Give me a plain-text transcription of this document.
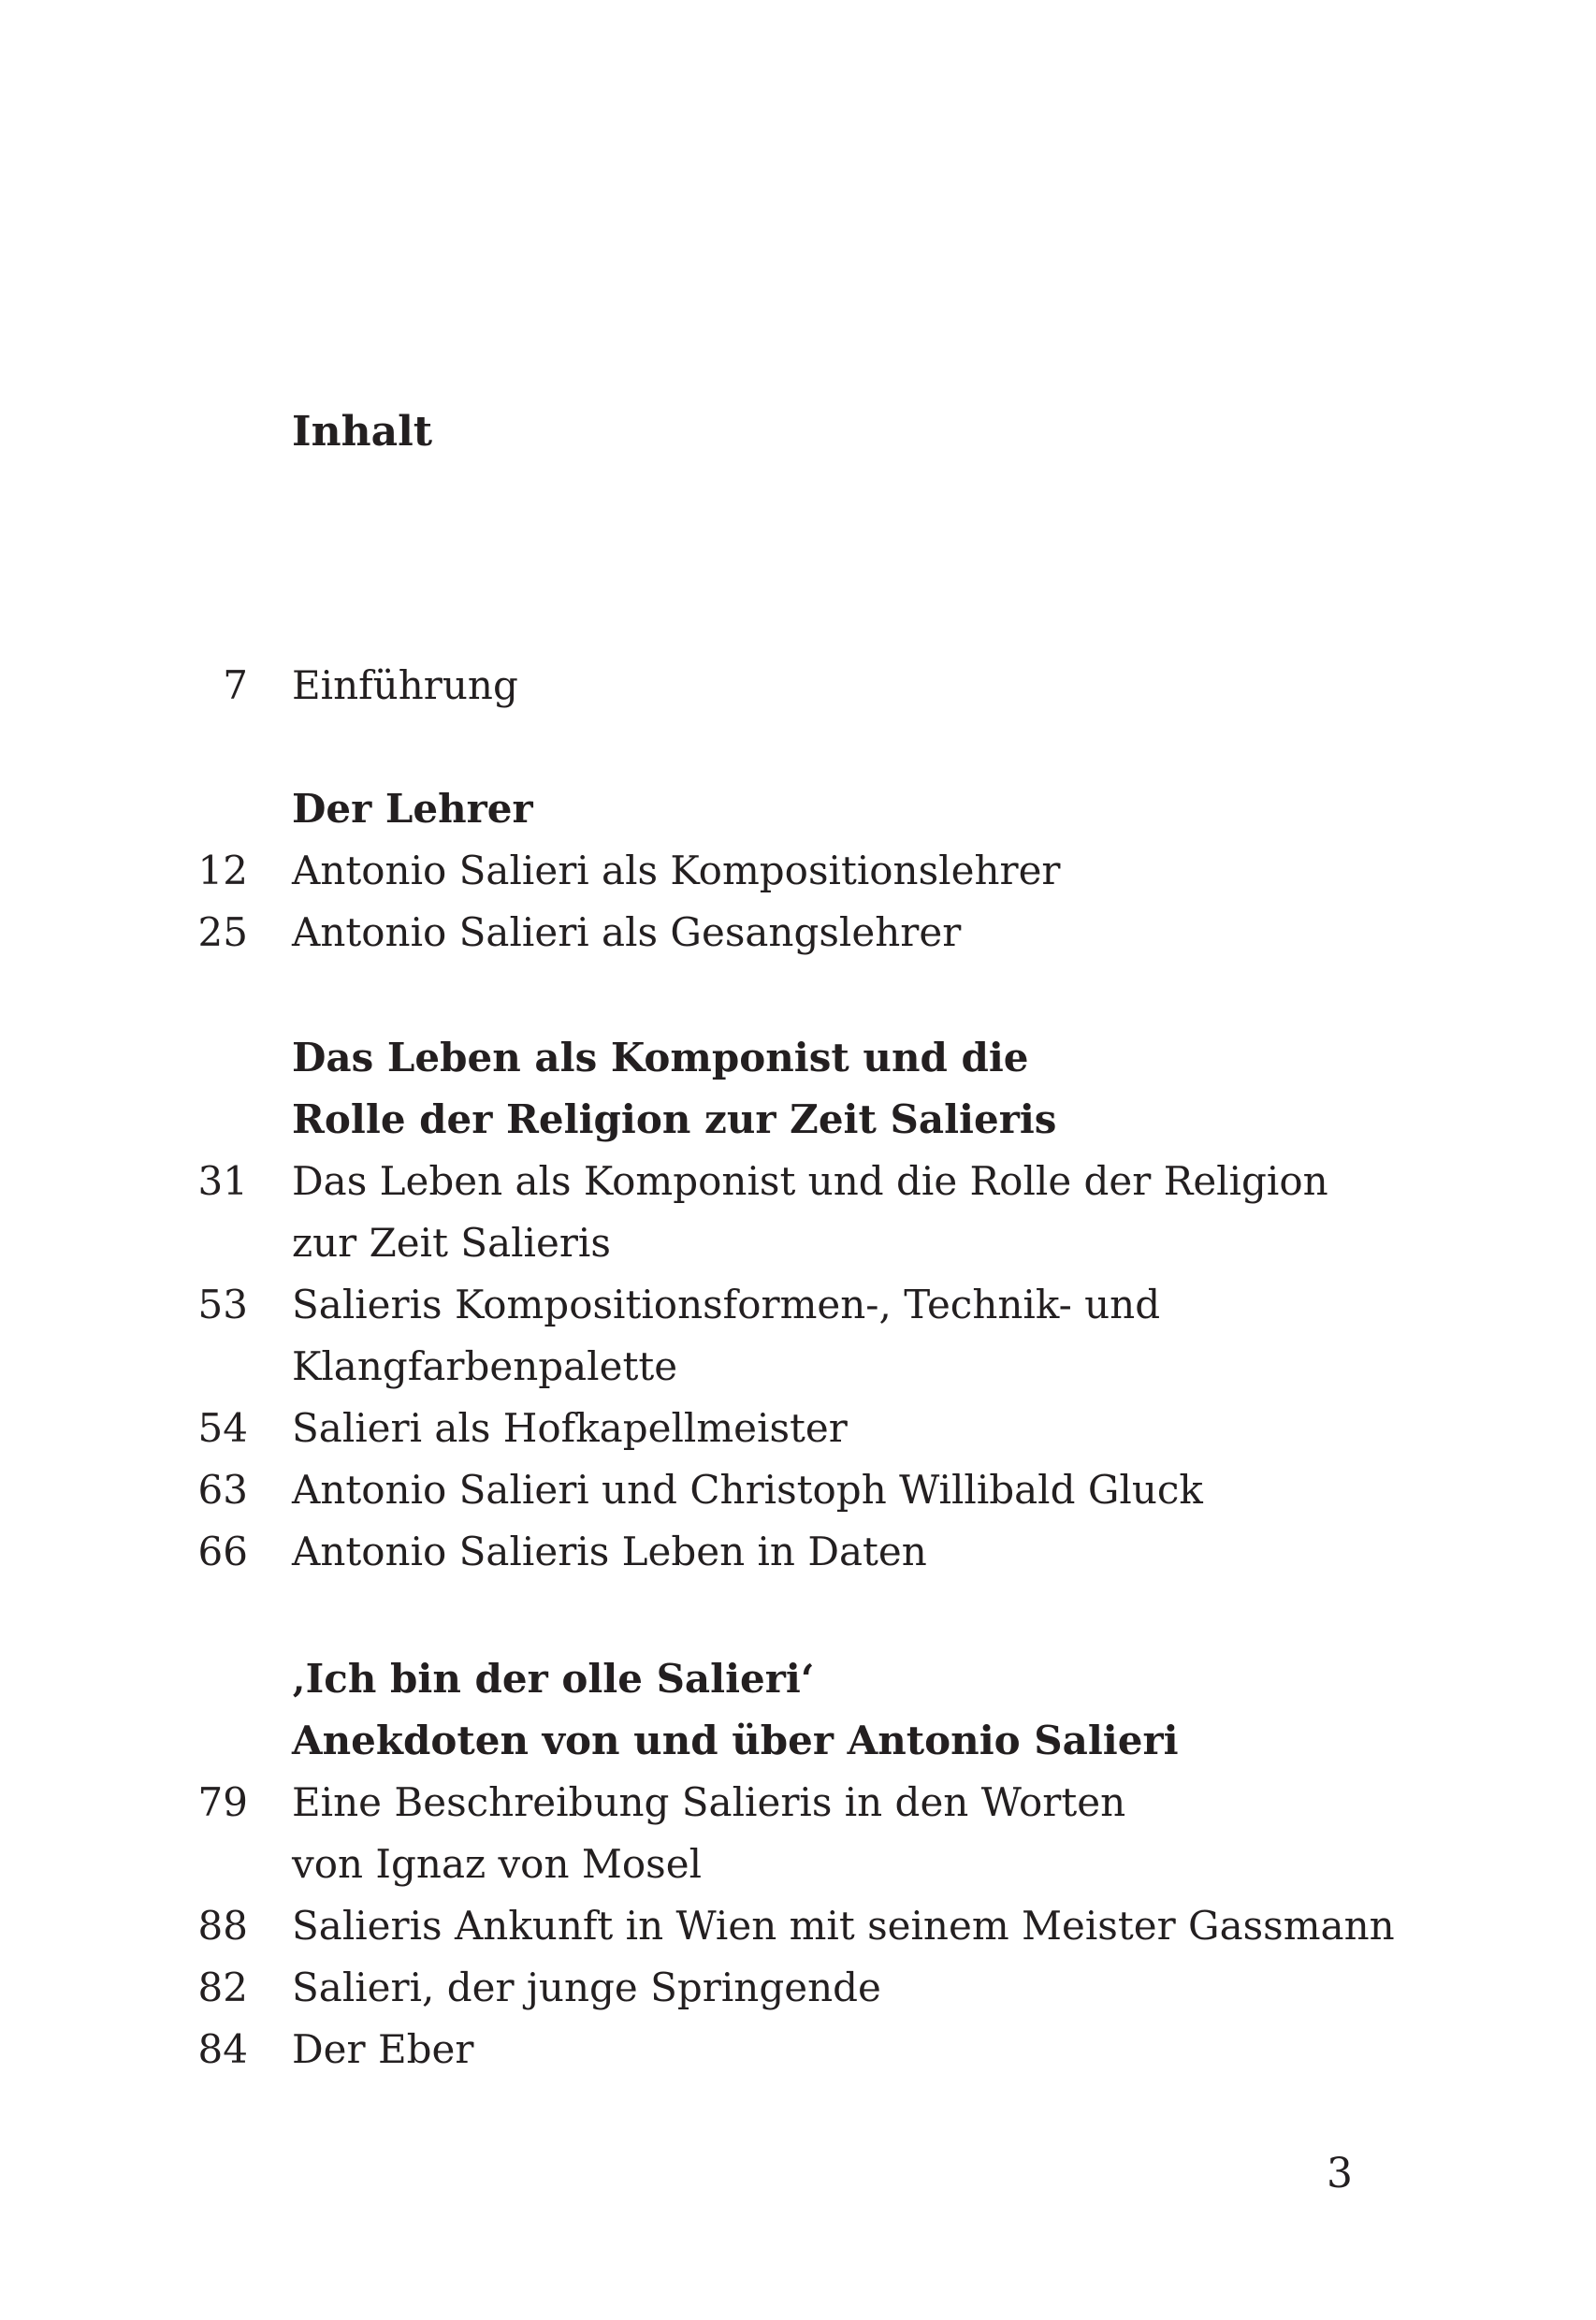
Inhalt
7 Einführung
Der Lehrer
12 Antonio Salieri als Kompositionslehrer
25 Antonio Salieri als Gesangslehrer
Das Leben als Komponist und die
Rolle der Religion zur Zeit Salieris
31 Das Leben als Komponist und die Rolle der Religion
zur Zeit Salieris
53 Salieris Kompositionsformen-, Technik- und
Klangfarbenpalette
54 Salieri als Hofkapellmeister
63 Antonio Salieri und Christoph Willibald Gluck
66 Antonio Salieris Leben in Daten
‚Ich bin der olle Salieri‘
Anekdoten von und über Antonio Salieri
79 Eine Beschreibung Salieris in den Worten
von Ignaz von Mosel
88 Salieris Ankunft in Wien mit seinem Meister Gassmann
82 Salieri, der junge Springende
84 Der Eber
3
